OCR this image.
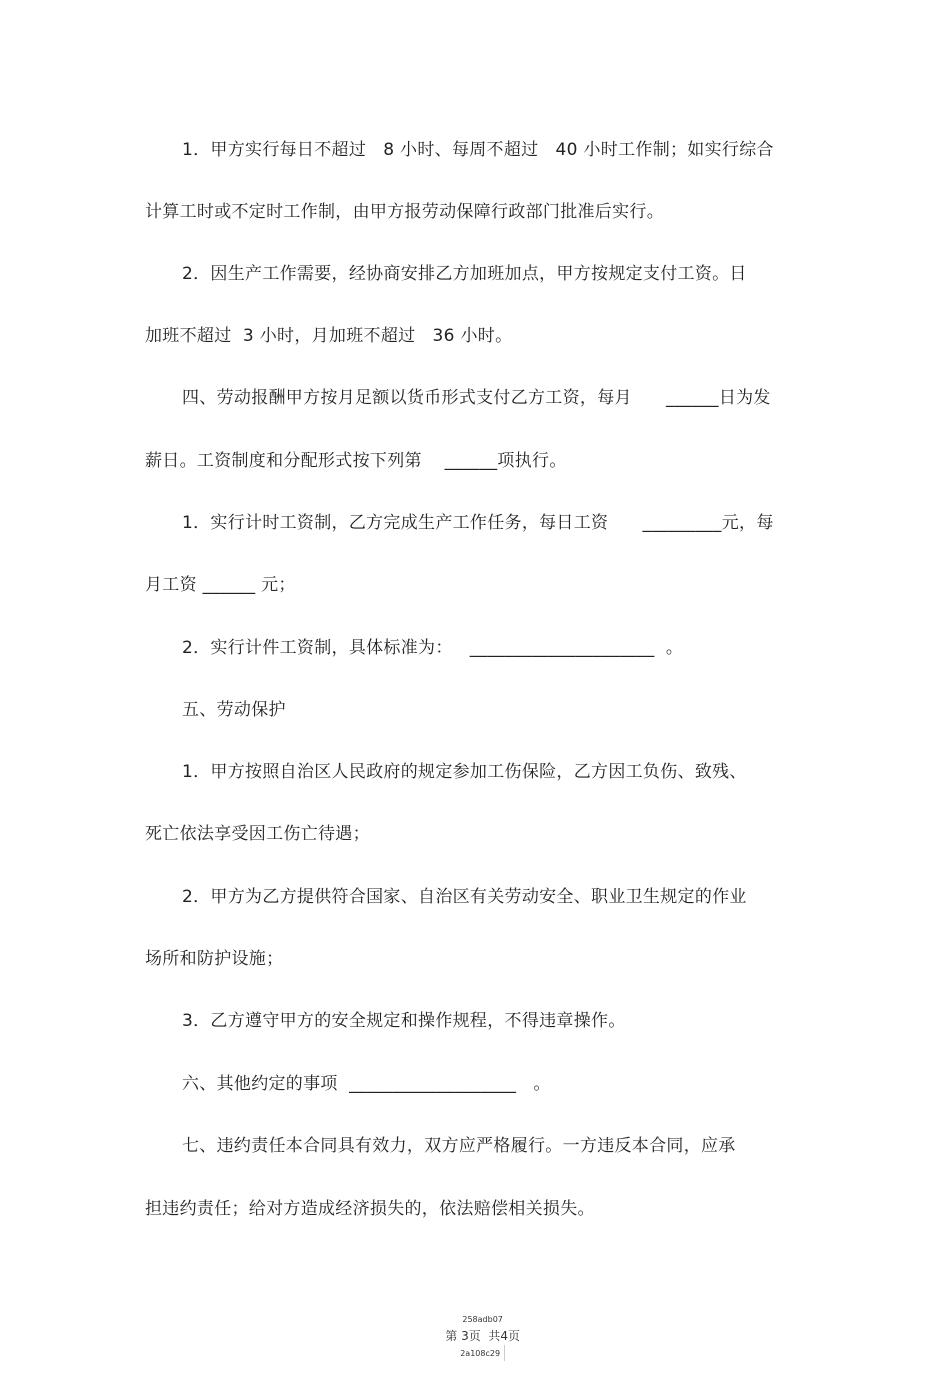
1．甲方实行每日不超过   8 小时、每周不超过   40 小时工作制；如实行综合
计算工时或不定时工作制，由甲方报劳动保障行政部门批准后实行。
2．因生产工作需要，经协商安排乙方加班加点，甲方按规定支付工资。日
加班不超过  3 小时，月加班不超过   36 小时。
四、劳动报酬甲方按月足额以货币形式支付乙方工资，每月      ______日为发
薪日。工资制度和分配形式按下列第    ______项执行。
1．实行计时工资制，乙方完成生产工作任务，每日工资      _________元，每
月工资 ______ 元；
2．实行计件工资制，具体标准为：   _____________________  。
五、劳动保护
1．甲方按照自治区人民政府的规定参加工伤保险，乙方因工负伤、致残、
死亡依法享受因工伤亡待遇；
2．甲方为乙方提供符合国家、自治区有关劳动安全、职业卫生规定的作业
场所和防护设施；
3．乙方遵守甲方的安全规定和操作规程，不得违章操作。
六、其他约定的事项  ___________________   。
七、违约责任本合同具有效力，双方应严格履行。一方违反本合同，应承
担违约责任；给对方造成经济损失的，依法赔偿相关损失。

258adb07
第 3页  共4页
2a108c29
